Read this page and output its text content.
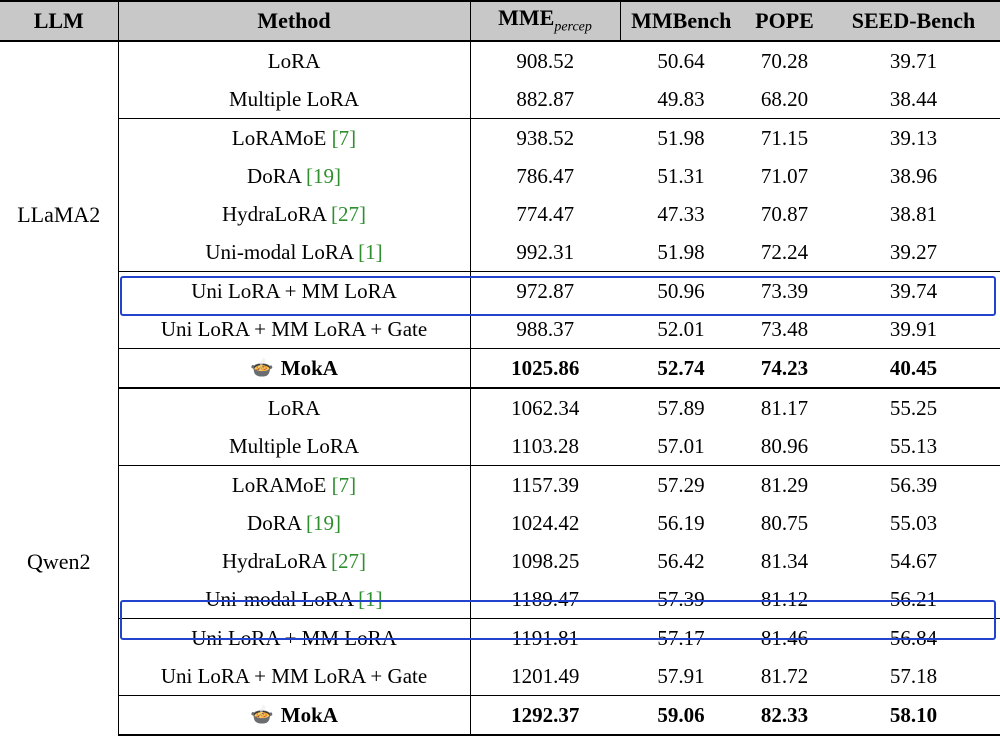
LLM	Method	$MME_{percep}$	MMBench	POPE	SEED-Bench
LLaMA2	LoRA	908.52	50.64	70.28	39.71
	Multiple LoRA	882.87	49.83	68.20	38.44
	LoRAMoE [7]	938.52	51.98	71.15	39.13
	DoRA [19]	786.47	51.31	71.07	38.96
	HydraLoRA [27]	774.47	47.33	70.87	38.81
	Uni-modal LoRA [1]	992.31	51.98	72.24	39.27
	Uni LoRA + MM LoRA	972.87	50.96	73.39	39.74
	Uni LoRA + MM LoRA + Gate	988.37	52.01	73.48	39.91

	🍲 MokA	1025.86	52.74	74.23	40.45
Qwen2	LoRA	1062.34	57.89	81.17	55.25
	Multiple LoRA	1103.28	57.01	80.96	55.13
	LoRAMoE [7]	1157.39	57.29	81.29	56.39
	DoRA [19]	1024.42	56.19	80.75	55.03
	HydraLoRA [27]	1098.25	56.42	81.34	54.67
	Uni-modal LoRA [1]	1189.47	57.39	81.12	56.21
	Uni LoRA + MM LoRA	1191.81	57.17	81.46	56.84
	Uni LoRA + MM LoRA + Gate	1201.49	57.91	81.72	57.18

	🍲 MokA	1292.37	59.06	82.33	58.10
